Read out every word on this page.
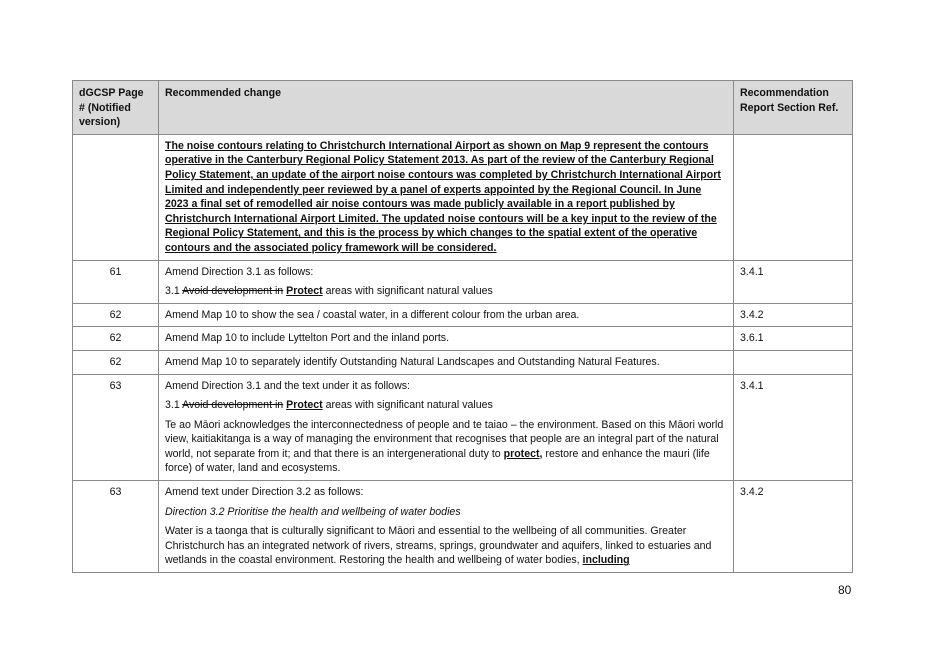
dGCSP Page # (Notified version)	Recommended change	Recommendation Report Section Ref.
	The noise contours relating to Christchurch International Airport as shown on Map 9 represent the contours operative in the Canterbury Regional Policy Statement 2013. As part of the review of the Canterbury Regional Policy Statement, an update of the airport noise contours was completed by Christchurch International Airport Limited and independently peer reviewed by a panel of experts appointed by the Regional Council. In June 2023 a final set of remodelled air noise contours was made publicly available in a report published by Christchurch International Airport Limited. The updated noise contours will be a key input to the review of the Regional Policy Statement, and this is the process by which changes to the spatial extent of the operative contours and the associated policy framework will be considered.	
61	Amend Direction 3.1 as follows:

3.1 Avoid development in Protect areas with significant natural values	3.4.1
62	Amend Map 10 to show the sea / coastal water, in a different colour from the urban area.	3.4.2
62	Amend Map 10 to include Lyttelton Port and the inland ports.	3.6.1
62	Amend Map 10 to separately identify Outstanding Natural Landscapes and Outstanding Natural Features.	
63	Amend Direction 3.1 and the text under it as follows:

3.1 Avoid development in Protect areas with significant natural values

Te ao Māori acknowledges the interconnectedness of people and te taiao – the environment. Based on this Māori world view, kaitiakitanga is a way of managing the environment that recognises that people are an integral part of the natural world, not separate from it; and that there is an intergenerational duty to protect, restore and enhance the mauri (life force) of water, land and ecosystems.	3.4.1
63	Amend text under Direction 3.2 as follows:

Direction 3.2 Prioritise the health and wellbeing of water bodies

Water is a taonga that is culturally significant to Māori and essential to the wellbeing of all communities. Greater Christchurch has an integrated network of rivers, streams, springs, groundwater and aquifers, linked to estuaries and wetlands in the coastal environment. Restoring the health and wellbeing of water bodies, including	3.4.2
80
